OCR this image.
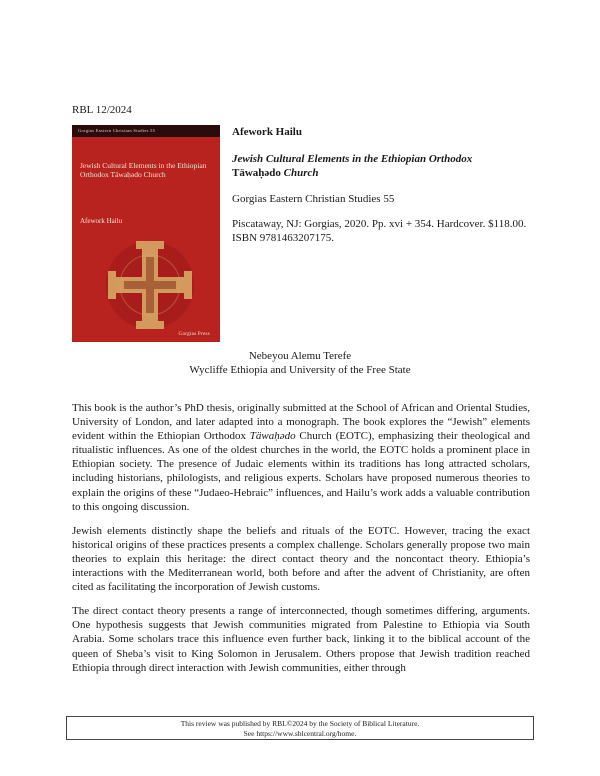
RBL 12/2024
Gorgias Eastern Christian Studies 55
Jewish Cultural Elements in the Ethiopian Orthodox Täwaḥədo Church
Afework Hailu
Gorgias Press

Afework Hailu

Jewish Cultural Elements in the Ethiopian Orthodox
Täwaḥədo Church

Gorgias Eastern Christian Studies 55

Piscataway, NJ: Gorgias, 2020. Pp. xvi + 354. Hardcover. $118.00. ISBN 9781463207175.

Nebeyou Alemu Terefe
Wycliffe Ethiopia and University of the Free State

This book is the author’s PhD thesis, originally submitted at the School of African and Oriental Studies, University of London, and later adapted into a monograph. The book explores the “Jewish” elements evident within the Ethiopian Orthodox Täwaḥədo Church (EOTC), emphasizing their theological and ritualistic influences. As one of the oldest churches in the world, the EOTC holds a prominent place in Ethiopian society. The presence of Judaic elements within its traditions has long attracted scholars, including historians, philologists, and religious experts. Scholars have proposed numerous theories to explain the origins of these “Judaeo-Hebraic” influences, and Hailu’s work adds a valuable contribution to this ongoing discussion.

Jewish elements distinctly shape the beliefs and rituals of the EOTC. However, tracing the exact historical origins of these practices presents a complex challenge. Scholars generally propose two main theories to explain this heritage: the direct contact theory and the noncontact theory. Ethiopia’s interactions with the Mediterranean world, both before and after the advent of Christianity, are often cited as facilitating the incorporation of Jewish customs.

The direct contact theory presents a range of interconnected, though sometimes differing, arguments. One hypothesis suggests that Jewish communities migrated from Palestine to Ethiopia via South Arabia. Some scholars trace this influence even further back, linking it to the biblical account of the queen of Sheba’s visit to King Solomon in Jerusalem. Others propose that Jewish tradition reached Ethiopia through direct interaction with Jewish communities, either through

This review was published by RBL©2024 by the Society of Biblical Literature.
See https://www.sblcentral.org/home.
